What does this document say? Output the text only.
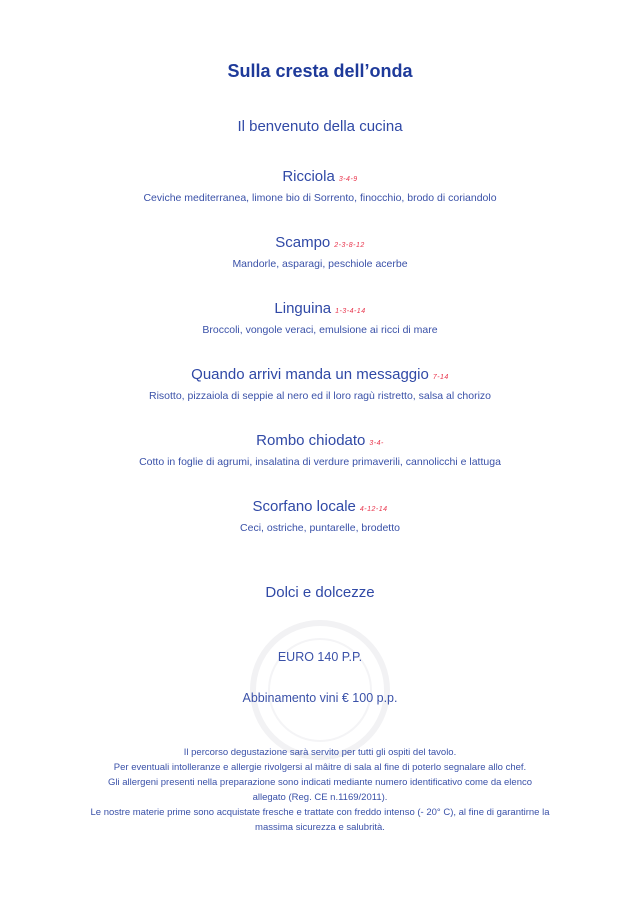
Sulla cresta dell’onda
Il benvenuto della cucina
Ricciola 3-4-9
Ceviche mediterranea, limone bio di Sorrento, finocchio, brodo di coriandolo
Scampo 2-3-8-12
Mandorle, asparagi, peschiole acerbe
Linguina 1-3-4-14
Broccoli, vongole veraci, emulsione ai ricci di mare
Quando arrivi manda un messaggio 7-14
Risotto, pizzaiola di seppie al nero ed il loro ragù ristretto, salsa al chorizo
Rombo chiodato 3-4-
Cotto in foglie di agrumi, insalatina di verdure primaverili, cannolicchi e lattuga
Scorfano locale 4-12-14
Ceci, ostriche, puntarelle, brodetto
Dolci e dolcezze
EURO 140 P.P.
Abbinamento vini € 100 p.p.
Il percorso degustazione sarà servito per tutti gli ospiti del tavolo.
Per eventuali intolleranze e allergie rivolgersi al mâitre di sala al fine di poterlo segnalare allo chef.
Gli allergeni presenti nella preparazione sono indicati mediante numero identificativo come da elenco
allegato (Reg. CE n.1169/2011).
Le nostre materie prime sono acquistate fresche e trattate con freddo intenso (- 20° C), al fine di garantirne la
massima sicurezza e salubrità.
